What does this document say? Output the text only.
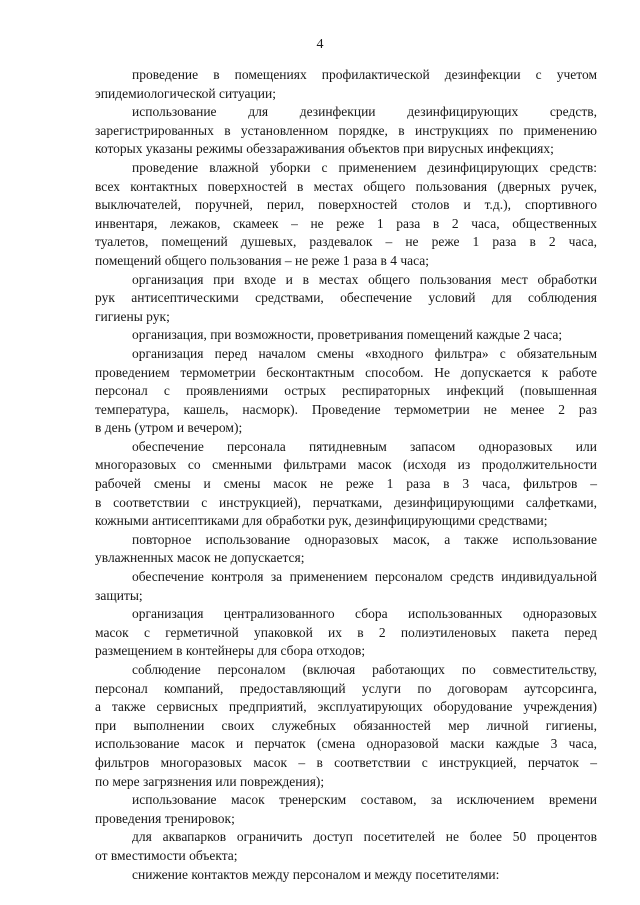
4
проведение в помещениях профилактической дезинфекции с учетом
эпидемиологической ситуации;
использование для дезинфекции дезинфицирующих средств,
зарегистрированных в установленном порядке, в инструкциях по применению
которых указаны режимы обеззараживания объектов при вирусных инфекциях;
проведение влажной уборки с применением дезинфицирующих средств:
всех контактных поверхностей в местах общего пользования (дверных ручек,
выключателей, поручней, перил, поверхностей столов и т.д.), спортивного
инвентаря, лежаков, скамеек – не реже 1 раза в 2 часа, общественных
туалетов, помещений душевых, раздевалок – не реже 1 раза в 2 часа,
помещений общего пользования – не реже 1 раза в 4 часа;
организация при входе и в местах общего пользования мест обработки
рук антисептическими средствами, обеспечение условий для соблюдения
гигиены рук;
организация, при возможности, проветривания помещений каждые 2 часа;
организация перед началом смены «входного фильтра» с обязательным
проведением термометрии бесконтактным способом. Не допускается к работе
персонал с проявлениями острых респираторных инфекций (повышенная
температура, кашель, насморк). Проведение термометрии не менее 2 раз
в день (утром и вечером);
обеспечение персонала пятидневным запасом одноразовых или
многоразовых со сменными фильтрами масок (исходя из продолжительности
рабочей смены и смены масок не реже 1 раза в 3 часа, фильтров –
в соответствии с инструкцией), перчатками, дезинфицирующими салфетками,
кожными антисептиками для обработки рук, дезинфицирующими средствами;
повторное использование одноразовых масок, а также использование
увлажненных масок не допускается;
обеспечение контроля за применением персоналом средств индивидуальной
защиты;
организация централизованного сбора использованных одноразовых
масок с герметичной упаковкой их в 2 полиэтиленовых пакета перед
размещением в контейнеры для сбора отходов;
соблюдение персоналом (включая работающих по совместительству,
персонал компаний, предоставляющий услуги по договорам аутсорсинга,
а также сервисных предприятий, эксплуатирующих оборудование учреждения)
при выполнении своих служебных обязанностей мер личной гигиены,
использование масок и перчаток (смена одноразовой маски каждые 3 часа,
фильтров многоразовых масок – в соответствии с инструкцией, перчаток –
по мере загрязнения или повреждения);
использование масок тренерским составом, за исключением времени
проведения тренировок;
для аквапарков ограничить доступ посетителей не более 50 процентов
от вместимости объекта;
снижение контактов между персоналом и между посетителями:
